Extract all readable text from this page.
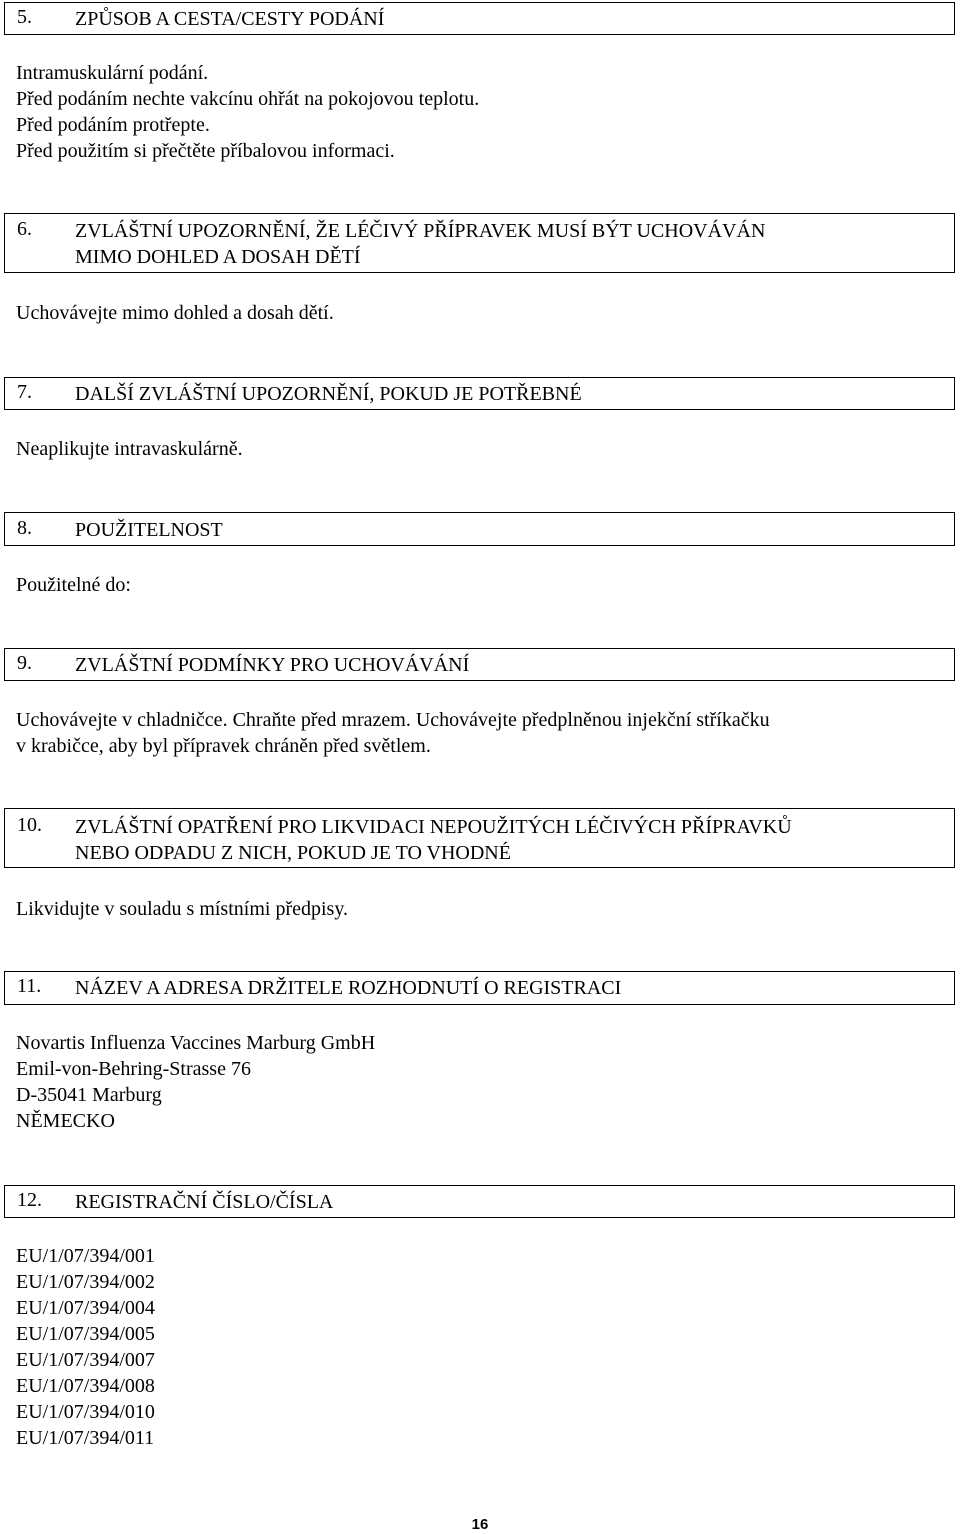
5. ZPŮSOB A CESTA/CESTY PODÁNÍ
Intramuskulární podání.
Před podáním nechte vakcínu ohřát na pokojovou teplotu.
Před podáním protřepte.
Před použitím si přečtěte příbalovou informaci.
6. ZVLÁŠTNÍ UPOZORNĚNÍ, ŽE LÉČIVÝ PŘÍPRAVEK MUSÍ BÝT UCHOVÁVÁN
MIMO DOHLED A DOSAH DĚTÍ
Uchovávejte mimo dohled a dosah dětí.
7. DALŠÍ ZVLÁŠTNÍ UPOZORNĚNÍ, POKUD JE POTŘEBNÉ
Neaplikujte intravaskulárně.
8. POUŽITELNOST
Použitelné do:
9. ZVLÁŠTNÍ PODMÍNKY PRO UCHOVÁVÁNÍ
Uchovávejte v chladničce. Chraňte před mrazem. Uchovávejte předplněnou injekční stříkačku
v krabičce, aby byl přípravek chráněn před světlem.
10. ZVLÁŠTNÍ OPATŘENÍ PRO LIKVIDACI NEPOUŽITÝCH LÉČIVÝCH PŘÍPRAVKŮ
NEBO ODPADU Z NICH, POKUD JE TO VHODNÉ
Likvidujte v souladu s místními předpisy.
11. NÁZEV A ADRESA DRŽITELE ROZHODNUTÍ O REGISTRACI
Novartis Influenza Vaccines Marburg GmbH
Emil-von-Behring-Strasse 76
D-35041 Marburg
NĚMECKO
12. REGISTRAČNÍ ČÍSLO/ČÍSLA
EU/1/07/394/001
EU/1/07/394/002
EU/1/07/394/004
EU/1/07/394/005
EU/1/07/394/007
EU/1/07/394/008
EU/1/07/394/010
EU/1/07/394/011
16
